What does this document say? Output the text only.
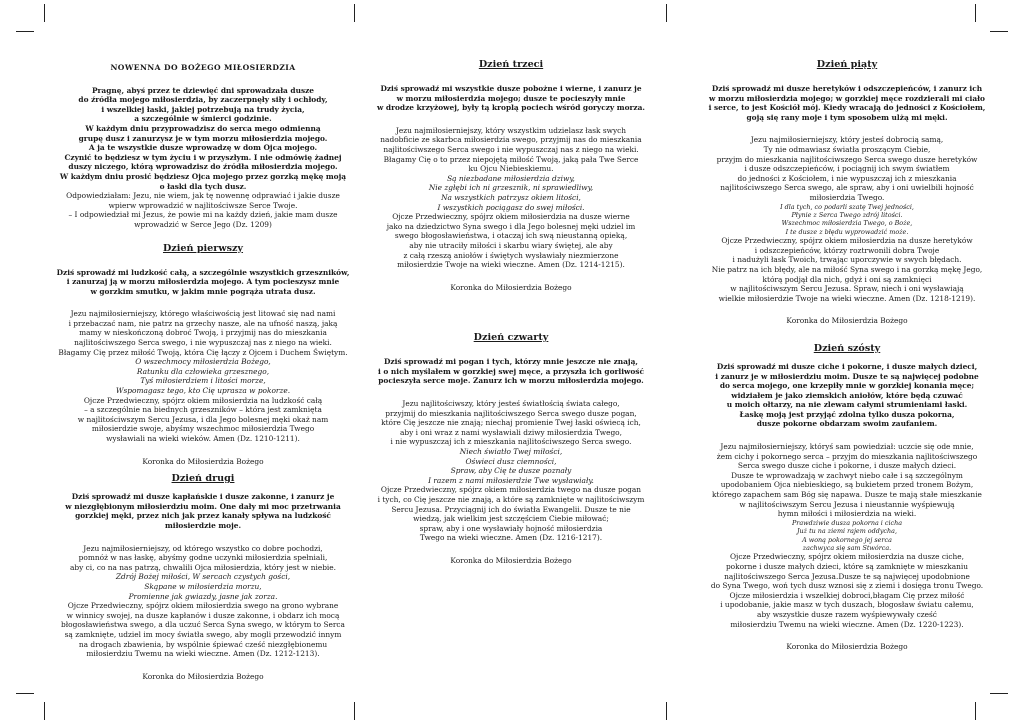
NOWENNA DO BOŻEGO MIŁOSIERDZIA

Pragnę, abyś przez te dziewięć dni sprowadzała dusze

do źródła mojego miłosierdzia, by zaczerpnęły siły i ochłody,

i wszelkiej łaski, jakiej potrzebują na trudy życia,

a szczególnie w śmierci godzinie.

W każdym dniu przyprowadzisz do serca mego odmienną

grupę dusz i zanurzysz je w tym morzu miłosierdzia mojego.

A ja te wszystkie dusze wprowadzę w dom Ojca mojego.

Czynić to będziesz w tym życiu i w przyszłym. I nie odmówię żadnej

duszy niczego, którą wprowadzisz do źródła miłosierdzia mojego.

W każdym dniu prosić będziesz Ojca mojego przez gorzką mękę moją

o łaski dla tych dusz.

Odpowiedziałam: Jezu, nie wiem, jak tę nowennę odprawiać i jakie dusze

wpierw wprowadzić w najlitościwsze Serce Twoje.

– I odpowiedział mi Jezus, że powie mi na każdy dzień, jakie mam dusze

wprowadzić w Serce Jego (Dz. 1209)

Dzień pierwszy

Dziś sprowadź mi ludzkość całą, a szczególnie wszystkich grzeszników,

i zanurzaj ją w morzu miłosierdzia mojego. A tym pocieszysz mnie

w gorzkim smutku, w jakim mnie pogrąża utrata dusz.

Jezu najmiłosierniejszy, którego właściwością jest litować się nad nami

i przebaczać nam, nie patrz na grzechy nasze, ale na ufność naszą, jaką

mamy w nieskończoną dobroć Twoją, i przyjmij nas do mieszkania

najlitościwszego Serca swego, i nie wypuszczaj nas z niego na wieki.

Błagamy Cię przez miłość Twoją, która Cię łączy z Ojcem i Duchem Świętym.

O wszechmocy miłosierdzia Bożego,

Ratunku dla człowieka grzesznego,

Tyś miłosierdziem i litości morze,

Wspomagasz tego, kto Cię uprasza w pokorze.

Ojcze Przedwieczny, spójrz okiem miłosierdzia na ludzkość całą

– a szczególnie na biednych grzeszników – która jest zamknięta

w najlitościwszym Sercu Jezusa, i dla Jego bolesnej męki okaż nam

miłosierdzie swoje, abyśmy wszechmoc miłosierdzia Twego

wysławiali na wieki wieków. Amen (Dz. 1210-1211).

Koronka do Miłosierdzia Bożego

Dzień drugi

Dziś sprowadź mi dusze kapłańskie i dusze zakonne, i zanurz je

w niezgłębionym miłosierdziu moim. One dały mi moc przetrwania

gorzkiej męki, przez nich jak przez kanały spływa na ludzkość

miłosierdzie moje.

Jezu najmiłosierniejszy, od którego wszystko co dobre pochodzi,

pomnóż w nas łaskę, abyśmy godne uczynki miłosierdzia spełniali,

aby ci, co na nas patrzą, chwalili Ojca miłosierdzia, który jest w niebie.

Zdrój Bożej miłości, W sercach czystych gości,

Skąpane w miłosierdzia morzu,

Promienne jak gwiazdy, jasne jak zorza.

Ojcze Przedwieczny, spójrz okiem miłosierdzia swego na grono wybrane

w winnicy swojej, na dusze kapłanów i dusze zakonne, i obdarz ich mocą

błogosławieństwa swego, a dla uczuć Serca Syna swego, w którym to Serca

są zamknięte, udziel im mocy światła swego, aby mogli przewodzić innym

na drogach zbawienia, by wspólnie śpiewać cześć niezgłębionemu

miłosierdziu Twemu na wieki wieczne. Amen (Dz. 1212-1213).

Koronka do Miłosierdzia Bożego

Dzień trzeci

Dziś sprowadź mi wszystkie dusze pobożne i wierne, i zanurz je

w morzu miłosierdzia mojego; dusze te pocieszyły mnie

w drodze krzyżowej, były tą kroplą pociech wśród goryczy morza.

Jezu najmiłosierniejszy, który wszystkim udzielasz łask swych

nadobficie ze skarbca miłosierdzia swego, przyjmij nas do mieszkania

najlitościwszego Serca swego i nie wypuszczaj nas z niego na wieki.

Błagamy Cię o to przez niepojętą miłość Twoją, jaką pała Twe Serce

ku Ojcu Niebieskiemu.

Są niezbadane miłosierdzia dziwy,

Nie zgłębi ich ni grzesznik, ni sprawiedliwy,

Na wszystkich patrzysz okiem litości,

I wszystkich pociągasz do swej miłości.

Ojcze Przedwieczny, spójrz okiem miłosierdzia na dusze wierne

jako na dziedzictwo Syna swego i dla Jego bolesnej męki udziel im

swego błogosławieństwa, i otaczaj ich swą nieustanną opieką,

aby nie utraciły miłości i skarbu wiary świętej, ale aby

z całą rzeszą aniołów i świętych wysławiały niezmierzone

miłosierdzie Twoje na wieki wieczne. Amen (Dz. 1214-1215).

Koronka do Miłosierdzia Bożego

Dzień czwarty

Dziś sprowadź mi pogan i tych, którzy mnie jeszcze nie znają,

i o nich myślałem w gorzkiej swej męce, a przyszła ich gorliwość

pocieszyła serce moje. Zanurz ich w morzu miłosierdzia mojego.

Jezu najlitościwszy, który jesteś światłością świata całego,

przyjmij do mieszkania najlitościwszego Serca swego dusze pogan,

które Cię jeszcze nie znają; niechaj promienie Twej łaski oświecą ich,

aby i oni wraz z nami wysławiali dziwy miłosierdzia Twego,

i nie wypuszczaj ich z mieszkania najlitościwszego Serca swego.

Niech światło Twej miłości,

Oświeci dusz ciemności,

Spraw, aby Cię te dusze poznały

I razem z nami miłosierdzie Twe wysławiały.

Ojcze Przedwieczny, spójrz okiem miłosierdzia twego na dusze pogan

i tych, co Cię jeszcze nie znają, a które są zamknięte w najlitościwszym

Sercu Jezusa. Przyciągnij ich do światła Ewangelii. Dusze te nie

wiedzą, jak wielkim jest szczęściem Ciebie miłować;

spraw, aby i one wysławiały hojność miłosierdzia

Twego na wieki wieczne. Amen (Dz. 1216-1217).

Koronka do Miłosierdzia Bożego

Dzień piąty

Dziś sprowadź mi dusze heretyków i odszczepieńców, i zanurz ich

w morzu miłosierdzia mojego; w gorzkiej męce rozdzierali mi ciało

i serce, to jest Kościół mój. Kiedy wracają do jedności z Kościołem,

goją się rany moje i tym sposobem ulżą mi męki.

Jezu najmiłosierniejszy, który jesteś dobrocią samą,

Ty nie odmawiasz światła proszącym Ciebie,

przyjm do mieszkania najlitościwszego Serca swego dusze heretyków

i dusze odszczepieńców, i pociągnij ich swym światłem

do jedności z Kościołem, i nie wypuszczaj ich z mieszkania

najlitościwszego Serca swego, ale spraw, aby i oni uwielbili hojność

miłosierdzia Twego.

I dla tych, co podarli szatę Twej jedności,

Płynie z Serca Twego zdrój litości.

Wszechmoc miłosierdzia Twego, o Boże,

I te dusze z błędu wyprowadzić może.

Ojcze Przedwieczny, spójrz okiem miłosierdzia na dusze heretyków

i odszczepieńców, którzy roztrwonili dobra Twoje

i nadużyli łask Twoich, trwając uporczywie w swych błędach.

Nie patrz na ich błędy, ale na miłość Syna swego i na gorzką mękę Jego,

którą podjął dla nich, gdyż i oni są zamknięci

w najlitościwszym Sercu Jezusa. Spraw, niech i oni wysławiają

wielkie miłosierdzie Twoje na wieki wieczne. Amen (Dz. 1218-1219).

Koronka do Miłosierdzia Bożego

Dzień szósty

Dziś sprowadź mi dusze ciche i pokorne, i dusze małych dzieci,

i zanurz je w miłosierdziu moim. Dusze te są najwięcej podobne

do serca mojego, one krzepiły mnie w gorzkiej konania męce;

widziałem je jako ziemskich aniołów, które będą czuwać

u moich ołtarzy, na nie zlewam całymi strumieniami łaski.

Łaskę moją jest przyjąć zdolna tylko dusza pokorna,

dusze pokorne obdarzam swoim zaufaniem.

Jezu najmiłosierniejszy, któryś sam powiedział: uczcie się ode mnie,

żem cichy i pokornego serca – przyjm do mieszkania najlitościwszego

Serca swego dusze ciche i pokorne, i dusze małych dzieci.

Dusze te wprowadzają w zachwyt niebo całe i są szczególnym

upodobaniem Ojca niebieskiego, są bukietem przed tronem Bożym,

którego zapachem sam Bóg się napawa. Dusze te mają stałe mieszkanie

w najlitościwszym Sercu Jezusa i nieustannie wyśpiewują

hymn miłości i miłosierdzia na wieki.

Prawdziwie dusza pokorna i cicha

Już tu na ziemi rajem oddycha,

A woną pokornego jej serca

zachwyca się sam Stwórca.

Ojcze Przedwieczny, spójrz okiem miłosierdzia na dusze ciche,

pokorne i dusze małych dzieci, które są zamknięte w mieszkaniu

najlitościwszego Serca Jezusa.Dusze te są najwięcej upodobnione

do Syna Twego, woń tych dusz wznosi się z ziemi i dosięga tronu Twego.

Ojcze miłosierdzia i wszelkiej dobroci,błagam Cię przez miłość

i upodobanie, jakie masz w tych duszach, błogosław światu całemu,

aby wszystkie dusze razem wyśpiewywały cześć

miłosierdziu Twemu na wieki wieczne. Amen (Dz. 1220-1223).

Koronka do Miłosierdzia Bożego
